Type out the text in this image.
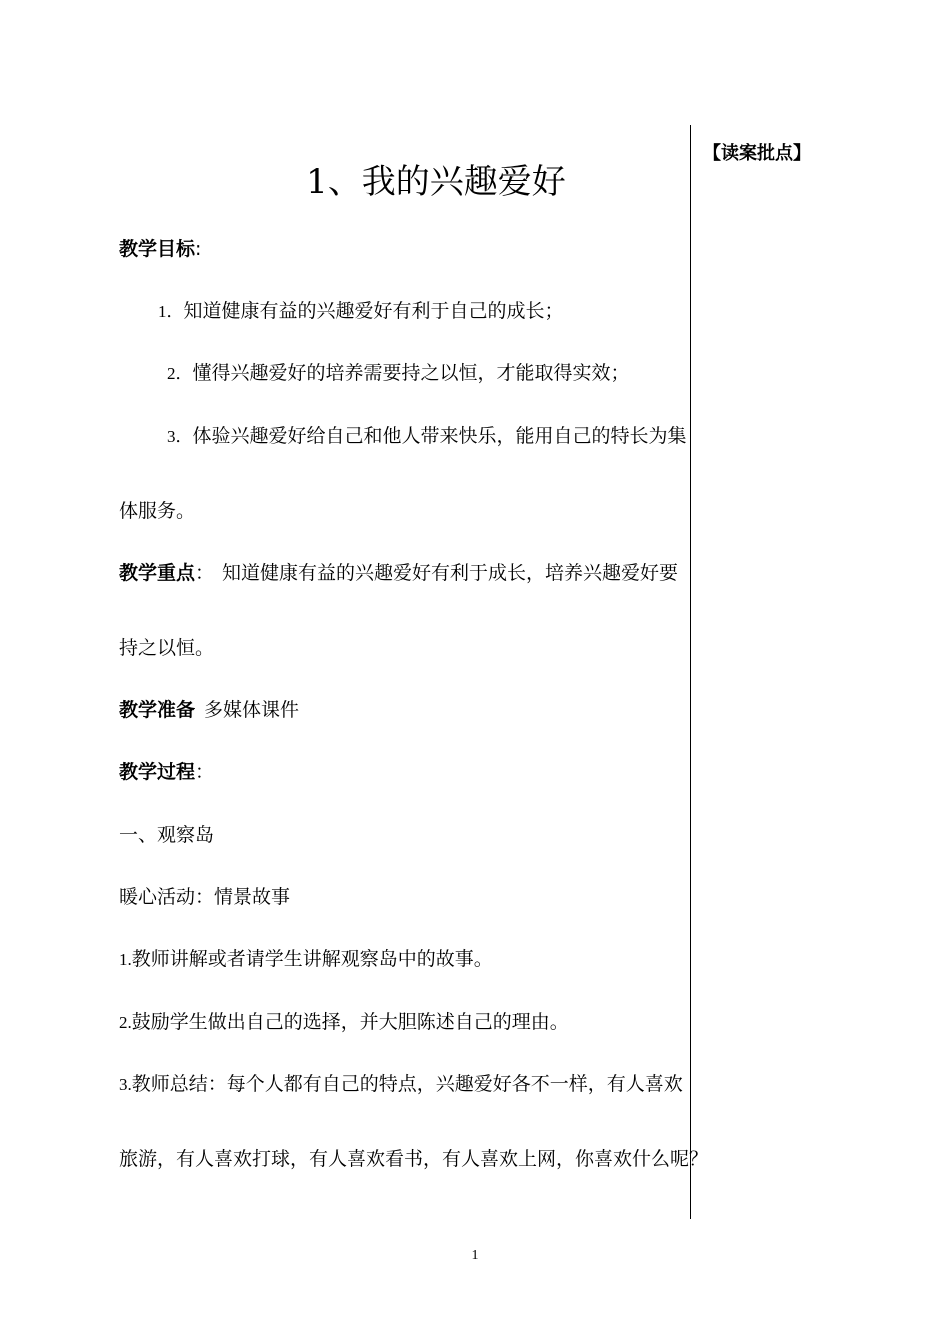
【读案批点】
1、我的兴趣爱好
教学目标:
1．知道健康有益的兴趣爱好有利于自己的成长；
2．懂得兴趣爱好的培养需要持之以恒，才能取得实效；
3．体验兴趣爱好给自己和他人带来快乐，能用自己的特长为集
体服务。
教学重点： 知道健康有益的兴趣爱好有利于成长，培养兴趣爱好要
持之以恒。
教学准备 多媒体课件
教学过程：
一、观察岛
暖心活动：情景故事
1.教师讲解或者请学生讲解观察岛中的故事。
2.鼓励学生做出自己的选择，并大胆陈述自己的理由。
3.教师总结：每个人都有自己的特点，兴趣爱好各不一样，有人喜欢
旅游，有人喜欢打球，有人喜欢看书，有人喜欢上网，你喜欢什么呢？
1
